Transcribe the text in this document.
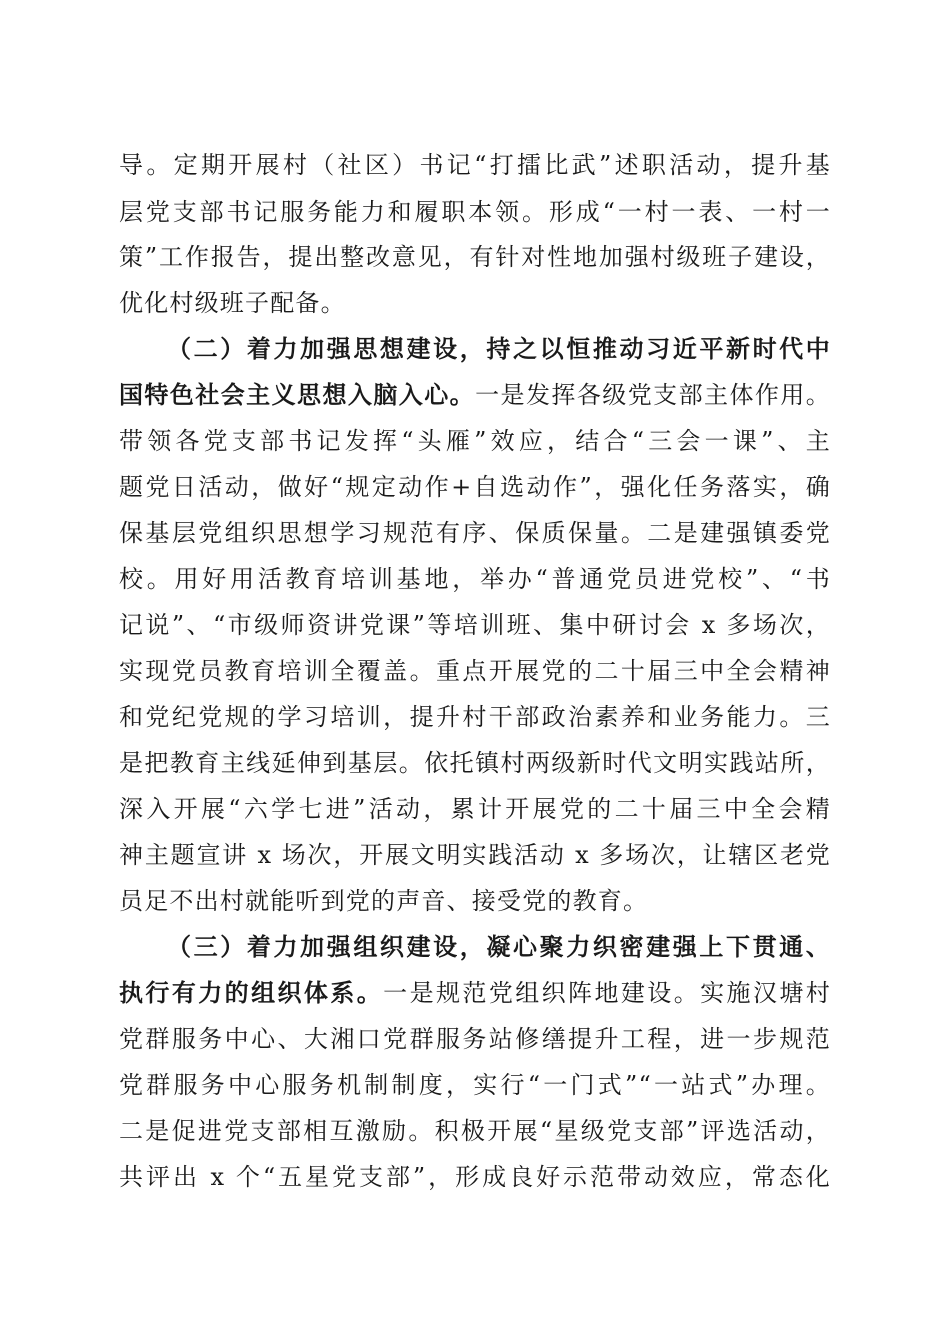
导。定期开展村（社区）书记“打擂比武”述职活动，提升基
层党支部书记服务能力和履职本领。形成“一村一表、一村一
策”工作报告，提出整改意见，有针对性地加强村级班子建设，
优化村级班子配备。
（二）着力加强思想建设，持之以恒推动习近平新时代中
国特色社会主义思想入脑入心。一是发挥各级党支部主体作用。
带领各党支部书记发挥“头雁”效应，结合“三会一课”、主
题党日活动，做好“规定动作+自选动作”，强化任务落实，确
保基层党组织思想学习规范有序、保质保量。二是建强镇委党
校。用好用活教育培训基地，举办“普通党员进党校”、“书
记说”、“市级师资讲党课”等培训班、集中研讨会 x 多场次，
实现党员教育培训全覆盖。重点开展党的二十届三中全会精神
和党纪党规的学习培训，提升村干部政治素养和业务能力。三
是把教育主线延伸到基层。依托镇村两级新时代文明实践站所，
深入开展“六学七进”活动，累计开展党的二十届三中全会精
神主题宣讲 x 场次，开展文明实践活动 x 多场次，让辖区老党
员足不出村就能听到党的声音、接受党的教育。
（三）着力加强组织建设，凝心聚力织密建强上下贯通、
执行有力的组织体系。一是规范党组织阵地建设。实施汉塘村
党群服务中心、大湘口党群服务站修缮提升工程，进一步规范
党群服务中心服务机制制度，实行“一门式”“一站式”办理。
二是促进党支部相互激励。积极开展“星级党支部”评选活动，
共评出 x 个“五星党支部”，形成良好示范带动效应，常态化
